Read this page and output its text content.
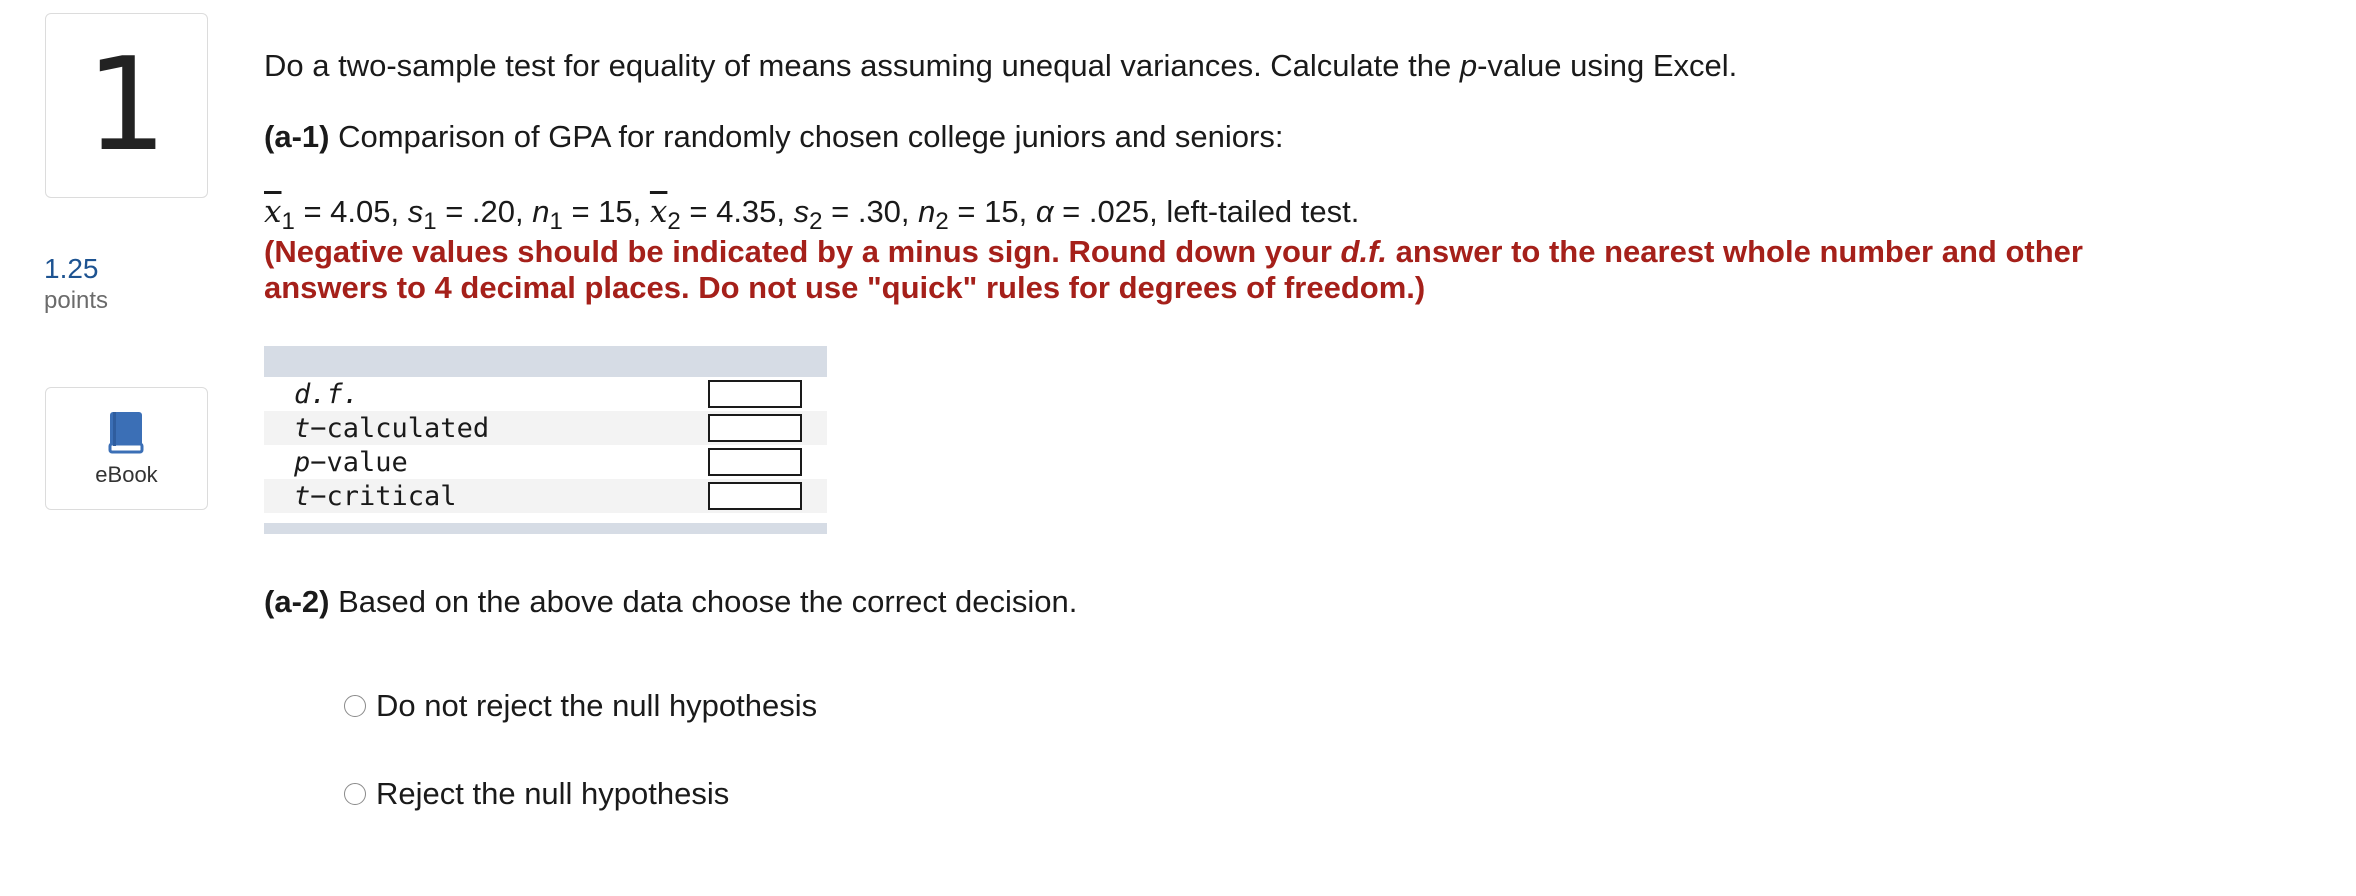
1
1.25
points
eBook
Do a two-sample test for equality of means assuming unequal variances. Calculate the p-value using Excel.
(a-1) Comparison of GPA for randomly chosen college juniors and seniors:
$\overline{x}_1 = 4.05$, $s_1 = .20$, $n_1 = 15$, $\overline{x}_2 = 4.35$, $s_2 = .30$, $n_2 = 15$, α = .025, left-tailed test.
(Negative values should be indicated by a minus sign. Round down your d.f. answer to the nearest whole number and other answers to 4 decimal places. Do not use "quick" rules for degrees of freedom.)
d.f.
t−calculated
p−value
t−critical
(a-2) Based on the above data choose the correct decision.
Do not reject the null hypothesis
Reject the null hypothesis
